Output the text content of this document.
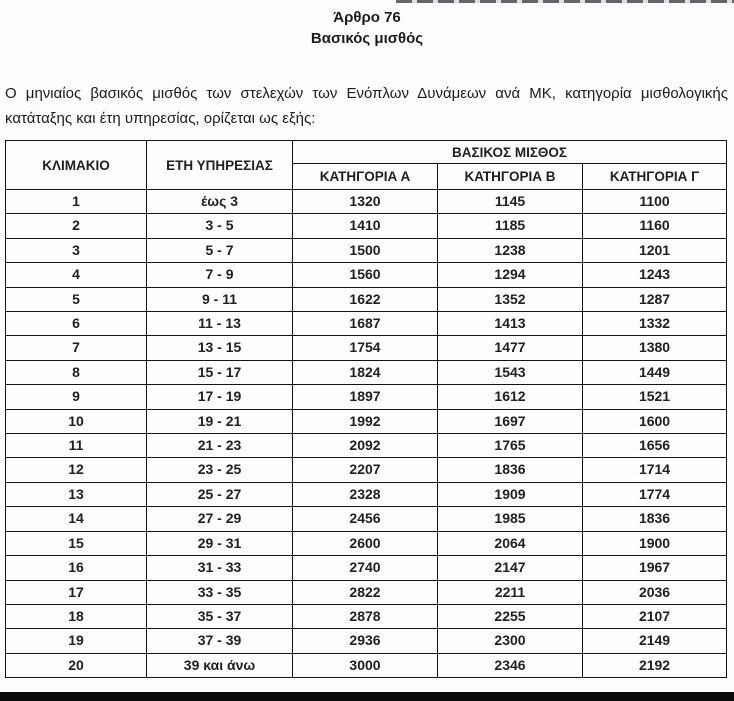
Άρθρο 76
Βασικός μισθός

Ο μηνιαίος βασικός μισθός των στελεχών των Ενόπλων Δυνάμεων ανά ΜΚ, κατηγορία μισθολογικής κατάταξης και έτη υπηρεσίας, ορίζεται ως εξής:

ΚΛΙΜΑΚΙΟ	ΕΤΗ ΥΠΗΡΕΣΙΑΣ	ΒΑΣΙΚΟΣ ΜΙΣΘΟΣ		
		ΚΑΤΗΓΟΡΙΑ Α	ΚΑΤΗΓΟΡΙΑ Β	ΚΑΤΗΓΟΡΙΑ Γ
1	έως 3	1320	1145	1100
2	3 - 5	1410	1185	1160
3	5 - 7	1500	1238	1201
4	7 - 9	1560	1294	1243
5	9 - 11	1622	1352	1287
6	11 - 13	1687	1413	1332
7	13 - 15	1754	1477	1380
8	15 - 17	1824	1543	1449
9	17 - 19	1897	1612	1521
10	19 - 21	1992	1697	1600
11	21 - 23	2092	1765	1656
12	23 - 25	2207	1836	1714
13	25 - 27	2328	1909	1774
14	27 - 29	2456	1985	1836
15	29 - 31	2600	2064	1900
16	31 - 33	2740	2147	1967
17	33 - 35	2822	2211	2036
18	35 - 37	2878	2255	2107
19	37 - 39	2936	2300	2149
20	39 και άνω	3000	2346	2192
